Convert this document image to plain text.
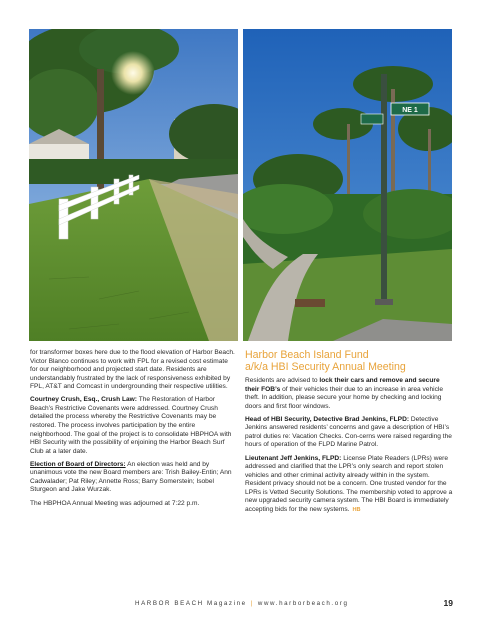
NE 1

for transformer boxes here due to the flood elevation of Harbor Beach. Victor Blanco continues to work with FPL for a revised cost estimate for our neighborhood and projected start date. Residents are understandably frustrated by the lack of responsiveness exhibited by FPL, AT&T and Comcast in undergrounding their respective utilities.

Courtney Crush, Esq., Crush Law: The Restoration of Harbor Beach’s Restrictive Covenants were addressed. Courtney Crush detailed the process whereby the Restrictive Covenants may be restored. The process involves participation by the entire neighborhood. The goal of the project is to consolidate HBPHOA with HBI Security with the possibility of enjoining the Harbor Beach Surf Club at a later date.

Election of Board of Directors: An election was held and by unanimous vote the new Board members are: Trish Bailey-Entin; Ann Cadwalader; Pat Riley; Annette Ross; Barry Somerstein; Isobel Sturgeon and Jake Wurzak.

The HBPHOA Annual Meeting was adjourned at 7:22 p.m.

Harbor Beach Island Fund
a/k/a HBI Security Annual Meeting

Residents are advised to lock their cars and remove and secure their FOB’s of their vehicles their due to an increase in area vehicle theft. In addition, please secure your home by checking and locking doors and first floor windows.

Head of HBI Security, Detective Brad Jenkins, FLPD: Detective Jenkins answered residents’ concerns and gave a description of HBI’s patrol duties re: Vacation Checks. Con-cerns were raised regarding the hours of operation of the FLPD Marine Patrol.

Lieutenant Jeff Jenkins, FLPD: License Plate Readers (LPRs) were addressed and clarified that the LPR’s only search and report stolen vehicles and other criminal activity already within in the system. Resident privacy should not be a concern. One trusted vendor for the LPRs is Vetted Security Solutions. The membership voted to approve a new upgraded security camera system. The HBI Board is immediately accepting bids for the new systems. HB

HARBOR BEACH Magazine | www.harborbeach.org	19
